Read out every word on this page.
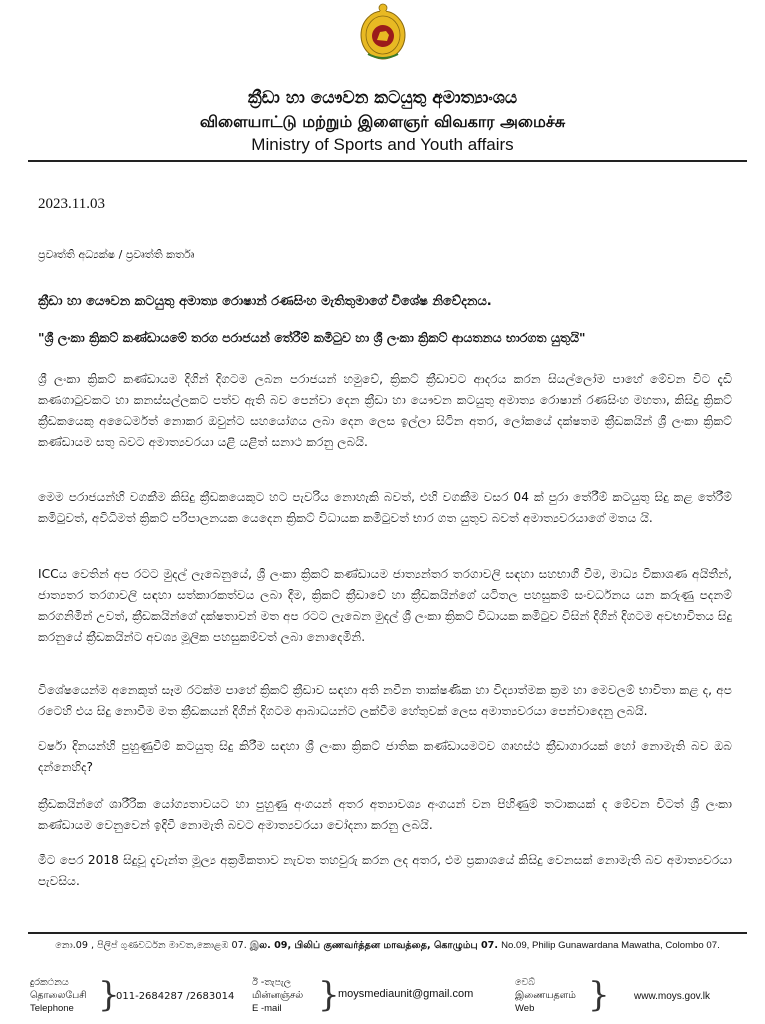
ක්‍රීඩා හා යෞවන කටයුතු අමාත්‍යාංශය
விளையாட்டு மற்றும் இளைஞர் விவகார அமைச்சு
Ministry of Sports and Youth affairs
2023.11.03
ප්‍රවෘත්ති අධ්‍යක්ෂ / ප්‍රවෘත්ති කර්තෘ
ක්‍රීඩා හා යෞවන කටයුතු අමාත්‍ය රොෂාන් රණසිංහ මැතිතුමාගේ විශේෂ නිවේදනය.
"ශ්‍රී ලංකා ක්‍රිකට් කණ්ඩායමේ තරග පරාජයන් තේරීම් කමිටුව හා ශ්‍රී ලංකා ක්‍රිකට් ආයතනය භාරගත යුතුයි"

ශ්‍රී ලංකා ක්‍රිකට් කණ්ඩායම දිගින් දිගටම ලබන පරාජයන් හමුවේ, ක්‍රිකට් ක්‍රීඩාවට ආදරය කරන සියල්ලෝම පාහේ මේවන විට දැඩි කණගාටුවකට හා කනස්සල්ලකට පත්ව ඇති බව පෙන්වා දෙන ක්‍රීඩා හා යෞවන කටයුතු අමාත්‍ය රොෂාන් රණසිංහ මහතා, කිසිදු ක්‍රිකට් ක්‍රීඩකයෙකු අධෛර්මත් නොකර ඔවුන්ට සහයෝගය ලබා දෙන ලෙස ඉල්ලා සිටින අතර, ලෝකයේ දක්ෂතම ක්‍රීඩකයින් ශ්‍රී ලංකා ක්‍රිකට් කණ්ඩායම සතු බවට අමාත්‍යවරයා යළි යළිත් සනාථ කරනු ලබයි.

මෙම පරාජයන්හි වගකීම කිසිදු ක්‍රීඩකයෙකුට හට පැවරිය නොහැකි බවත්, එහි වගකීම වසර 04 ක් පුරා තේරීම් කටයුතු සිදු කළ තේරීම් කමිටුවත්, අවිධිමත් ක්‍රිකට් පරිපාලනයක යෙදෙන ක්‍රිකට් විධායක කමිටුවත් භාර ගත යුතුව බවත් අමාත්‍යවරයාගේ මතය යි.

ICCය වෙතින් අප රටට මුදල් ලැබෙනුයේ, ශ්‍රී ලංකා ක්‍රිකට් කණ්ඩායම ජාත්‍යන්තර තරගාවලි සඳහා සහභාගී වීම, මාධ්‍ය විකාශණ අයිතීන්, ජාත්‍යතර තරගාවලි සඳහා සත්කාරකත්වය ලබා දීම, ක්‍රිකට් ක්‍රීඩාවේ හා ක්‍රීඩකයින්ගේ යටිතල පහසුකම් සංවර්ධනය යන කරුණු පදනම් කරගනිමින් උවත්, ක්‍රීඩකයින්ගේ දක්ෂතාවන් මත අප රටට ලැබෙන මුදල් ශ්‍රී ලංකා ක්‍රිකට් විධායක කමිටුව විසින් දිගින් දිගටම අවභාවිතය සිදු කරනුයේ ක්‍රීඩකයින්ට අවශ්‍ය මූලික පහසුකම්වත් ලබා නොදෙමිනි.

විශේෂයෙන්ම අනෙකුත් සෑම රටක්ම පාහේ ක්‍රිකට් ක්‍රීඩාව සඳහා අති නවීන තාක්ෂණික හා විද්‍යාත්මක ක්‍රම හා මෙවලම් භාවිතා කළ ද, අප රටෙහි එය සිදු නොවීම මත ක්‍රීඩකයන් දිගින් දිගටම ආබාධයන්ට ලක්වීම හේතුවක් ලෙස අමාත්‍යවරයා පෙන්වාදෙනු ලබයි.

වර්ෂා දිනයන්හි පුහුණුවීම් කටයුතු සිදු කිරීම සඳහා ශ්‍රී ලංකා ක්‍රිකට් ජාතික කණ්ඩායමටව ගෘහස්ථ ක්‍රීඩාගාරයක් හෝ නොමැති බව ඔබ දන්නෙහිද?

ක්‍රීඩකයින්ගේ ශාරීරික යෝග්‍යතාවයට හා පුහුණු අංගයන් අතර අත්‍යාවශ්‍ය අංගයන් වන පිහිණුම් තටාකයක් ද මේවන විටත් ශ්‍රී ලංකා කණ්ඩායම වෙනුවෙන් ඉදිවී නොමැති බවට අමාත්‍යවරයා චෝදනා කරනු ලබයි.

මීට පෙර 2018 සිදුවූ දැවැන්ත මූල්‍ය අක්‍රමිකතාව නැවත තහවුරු කරන ලද අතර, එම ප්‍රකාශයේ කිසිදු වෙනසක් නොමැති බව අමාත්‍යවරයා පැවසිය.

නො.09 , පිලිප් ගුණවර්ධන මාවත,කොළඹ 07. இல. 09, பிலிப் குணவர்த்தன மாவத்தை, கொழும்பு 07. No.09, Philip Gunawardana Mawatha, Colombo 07.
දුරකථනය
தொலைபேசி
Telephone }
011-2684287 /2683014
ඊ -තැපැල
மின்னஞ்சல்
E -mail	}
moysmediaunit@gmail.com
වෙබ්
இணையதளம்
Web	} www.moys.gov.lk
